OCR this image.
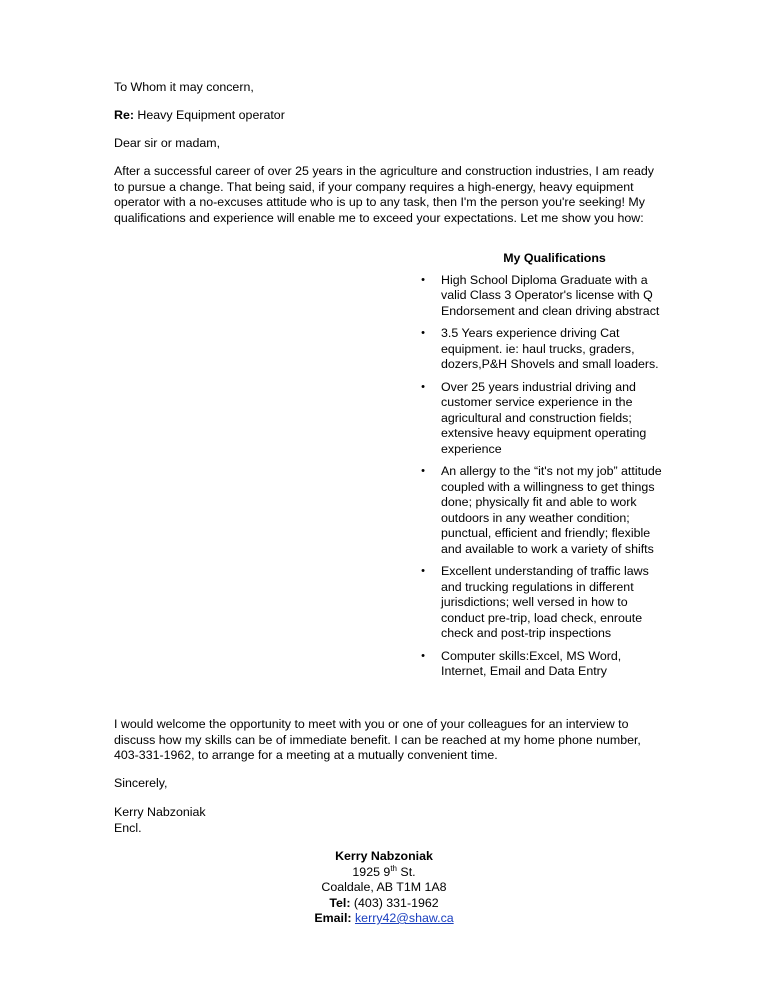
To Whom it may concern,

Re: Heavy Equipment operator

Dear sir or madam,

After a successful career of over 25 years in the agriculture and construction industries, I am ready to pursue a change. That being said, if your company requires a high-energy, heavy equipment operator with a no-excuses attitude who is up to any task, then I'm the person you're seeking! My qualifications and experience will enable me to exceed your expectations. Let me show you how:

My Qualifications
• High School Diploma Graduate with a valid Class 3 Operator's license with Q Endorsement and clean driving abstract
• 3.5 Years experience driving Cat equipment. ie: haul trucks, graders, dozers,P&H Shovels and small loaders.
• Over 25 years industrial driving and customer service experience in the agricultural and construction fields; extensive heavy equipment operating experience
• An allergy to the “it's not my job” attitude coupled with a willingness to get things done; physically fit and able to work outdoors in any weather condition; punctual, efficient and friendly; flexible and available to work a variety of shifts
• Excellent understanding of traffic laws and trucking regulations in different jurisdictions; well versed in how to conduct pre-trip, load check, enroute check and post-trip inspections
• Computer skills:Excel, MS Word, Internet, Email and Data Entry

I would welcome the opportunity to meet with you or one of your colleagues for an interview to discuss how my skills can be of immediate benefit. I can be reached at my home phone number, 403-331-1962, to arrange for a meeting at a mutually convenient time.

Sincerely,

Kerry Nabzoniak
Encl.

Kerry Nabzoniak
1925 9th St.
Coaldale, AB T1M 1A8
Tel: (403) 331-1962
Email: kerry42@shaw.ca
